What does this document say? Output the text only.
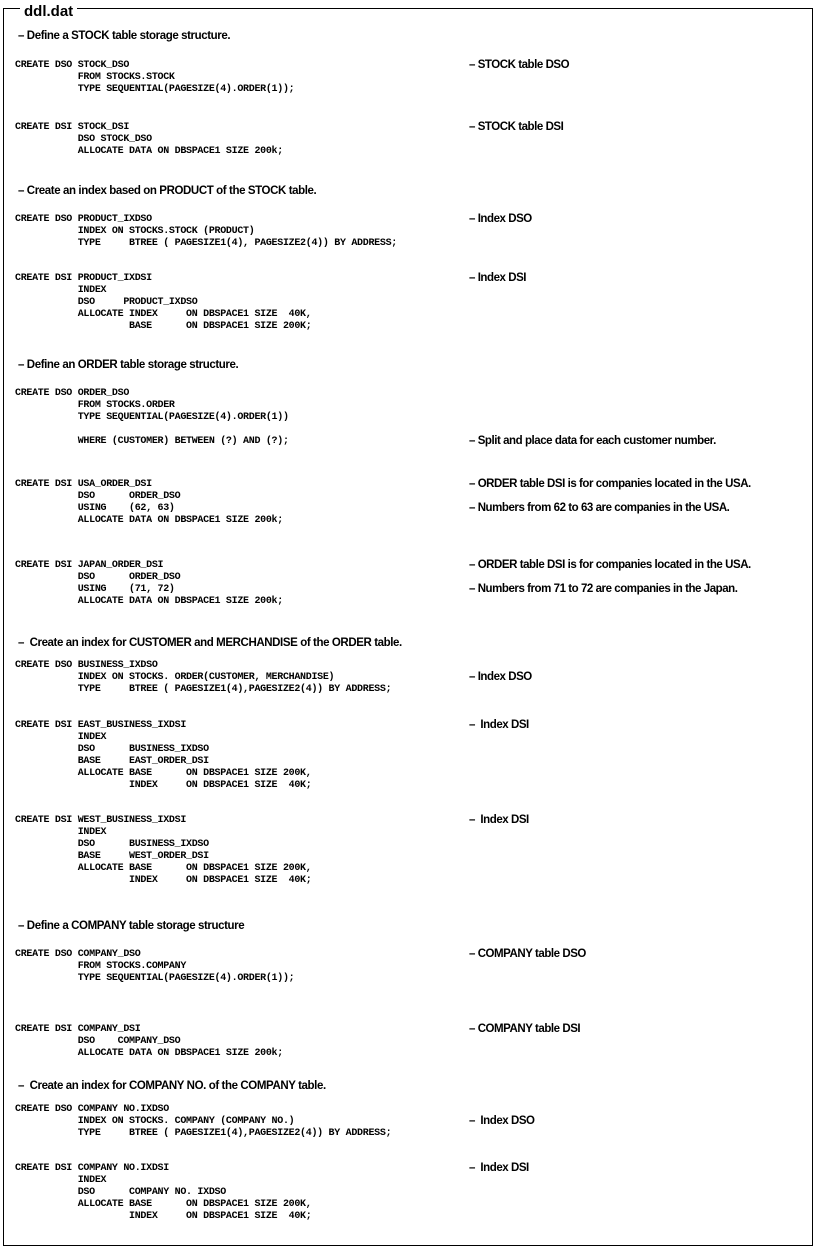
ddl.dat
– Define a STOCK table storage structure.
CREATE DSO STOCK_DSO
FROM STOCKS.STOCK
TYPE SEQUENTIAL(PAGESIZE(4).ORDER(1));
– STOCK table DSO
CREATE DSI STOCK_DSI
DSO STOCK_DSO
ALLOCATE DATA ON DBSPACE1 SIZE 200k;
– STOCK table DSI
– Create an index based on PRODUCT of the STOCK table.
CREATE DSO PRODUCT_IXDSO
INDEX ON STOCKS.STOCK (PRODUCT)
TYPE     BTREE ( PAGESIZE1(4), PAGESIZE2(4)) BY ADDRESS;
– Index DSO
CREATE DSI PRODUCT_IXDSI
INDEX
DSO     PRODUCT_IXDSO
ALLOCATE INDEX     ON DBSPACE1 SIZE  40K,
BASE      ON DBSPACE1 SIZE 200K;
– Index DSI
– Define an ORDER table storage structure.
CREATE DSO ORDER_DSO
FROM STOCKS.ORDER
TYPE SEQUENTIAL(PAGESIZE(4).ORDER(1))
WHERE (CUSTOMER) BETWEEN (?) AND (?);	– Split and place data for each customer number.
CREATE DSI USA_ORDER_DSI
DSO      ORDER_DSO
USING    (62, 63)
ALLOCATE DATA ON DBSPACE1 SIZE 200k;
– ORDER table DSI is for companies located in the USA.
– Numbers from 62 to 63 are companies in the USA.
CREATE DSI JAPAN_ORDER_DSI
DSO      ORDER_DSO
USING    (71, 72)
ALLOCATE DATA ON DBSPACE1 SIZE 200k;
– ORDER table DSI is for companies located in the USA.
– Numbers from 71 to 72 are companies in the Japan.
–  Create an index for CUSTOMER and MERCHANDISE of the ORDER table.
CREATE DSO BUSINESS_IXDSO
INDEX ON STOCKS. ORDER(CUSTOMER, MERCHANDISE)
TYPE     BTREE ( PAGESIZE1(4),PAGESIZE2(4)) BY ADDRESS;
– Index DSO
CREATE DSI EAST_BUSINESS_IXDSI
INDEX
DSO      BUSINESS_IXDSO
BASE     EAST_ORDER_DSI
ALLOCATE BASE      ON DBSPACE1 SIZE 200K,
INDEX     ON DBSPACE1 SIZE  40K;
–  Index DSI
CREATE DSI WEST_BUSINESS_IXDSI
INDEX
DSO      BUSINESS_IXDSO
BASE     WEST_ORDER_DSI
ALLOCATE BASE      ON DBSPACE1 SIZE 200K,
INDEX     ON DBSPACE1 SIZE  40K;
–  Index DSI
– Define a COMPANY table storage structure
CREATE DSO COMPANY_DSO
FROM STOCKS.COMPANY
TYPE SEQUENTIAL(PAGESIZE(4).ORDER(1));
– COMPANY table DSO
CREATE DSI COMPANY_DSI
DSO    COMPANY_DSO
ALLOCATE DATA ON DBSPACE1 SIZE 200k;
– COMPANY table DSI
–  Create an index for COMPANY NO. of the COMPANY table.
CREATE DSO COMPANY NO.IXDSO
INDEX ON STOCKS. COMPANY (COMPANY NO.)
TYPE     BTREE ( PAGESIZE1(4),PAGESIZE2(4)) BY ADDRESS;
–  Index DSO
CREATE DSI COMPANY NO.IXDSI
INDEX
DSO      COMPANY NO. IXDSO
ALLOCATE BASE      ON DBSPACE1 SIZE 200K,
INDEX     ON DBSPACE1 SIZE  40K;
–  Index DSI
